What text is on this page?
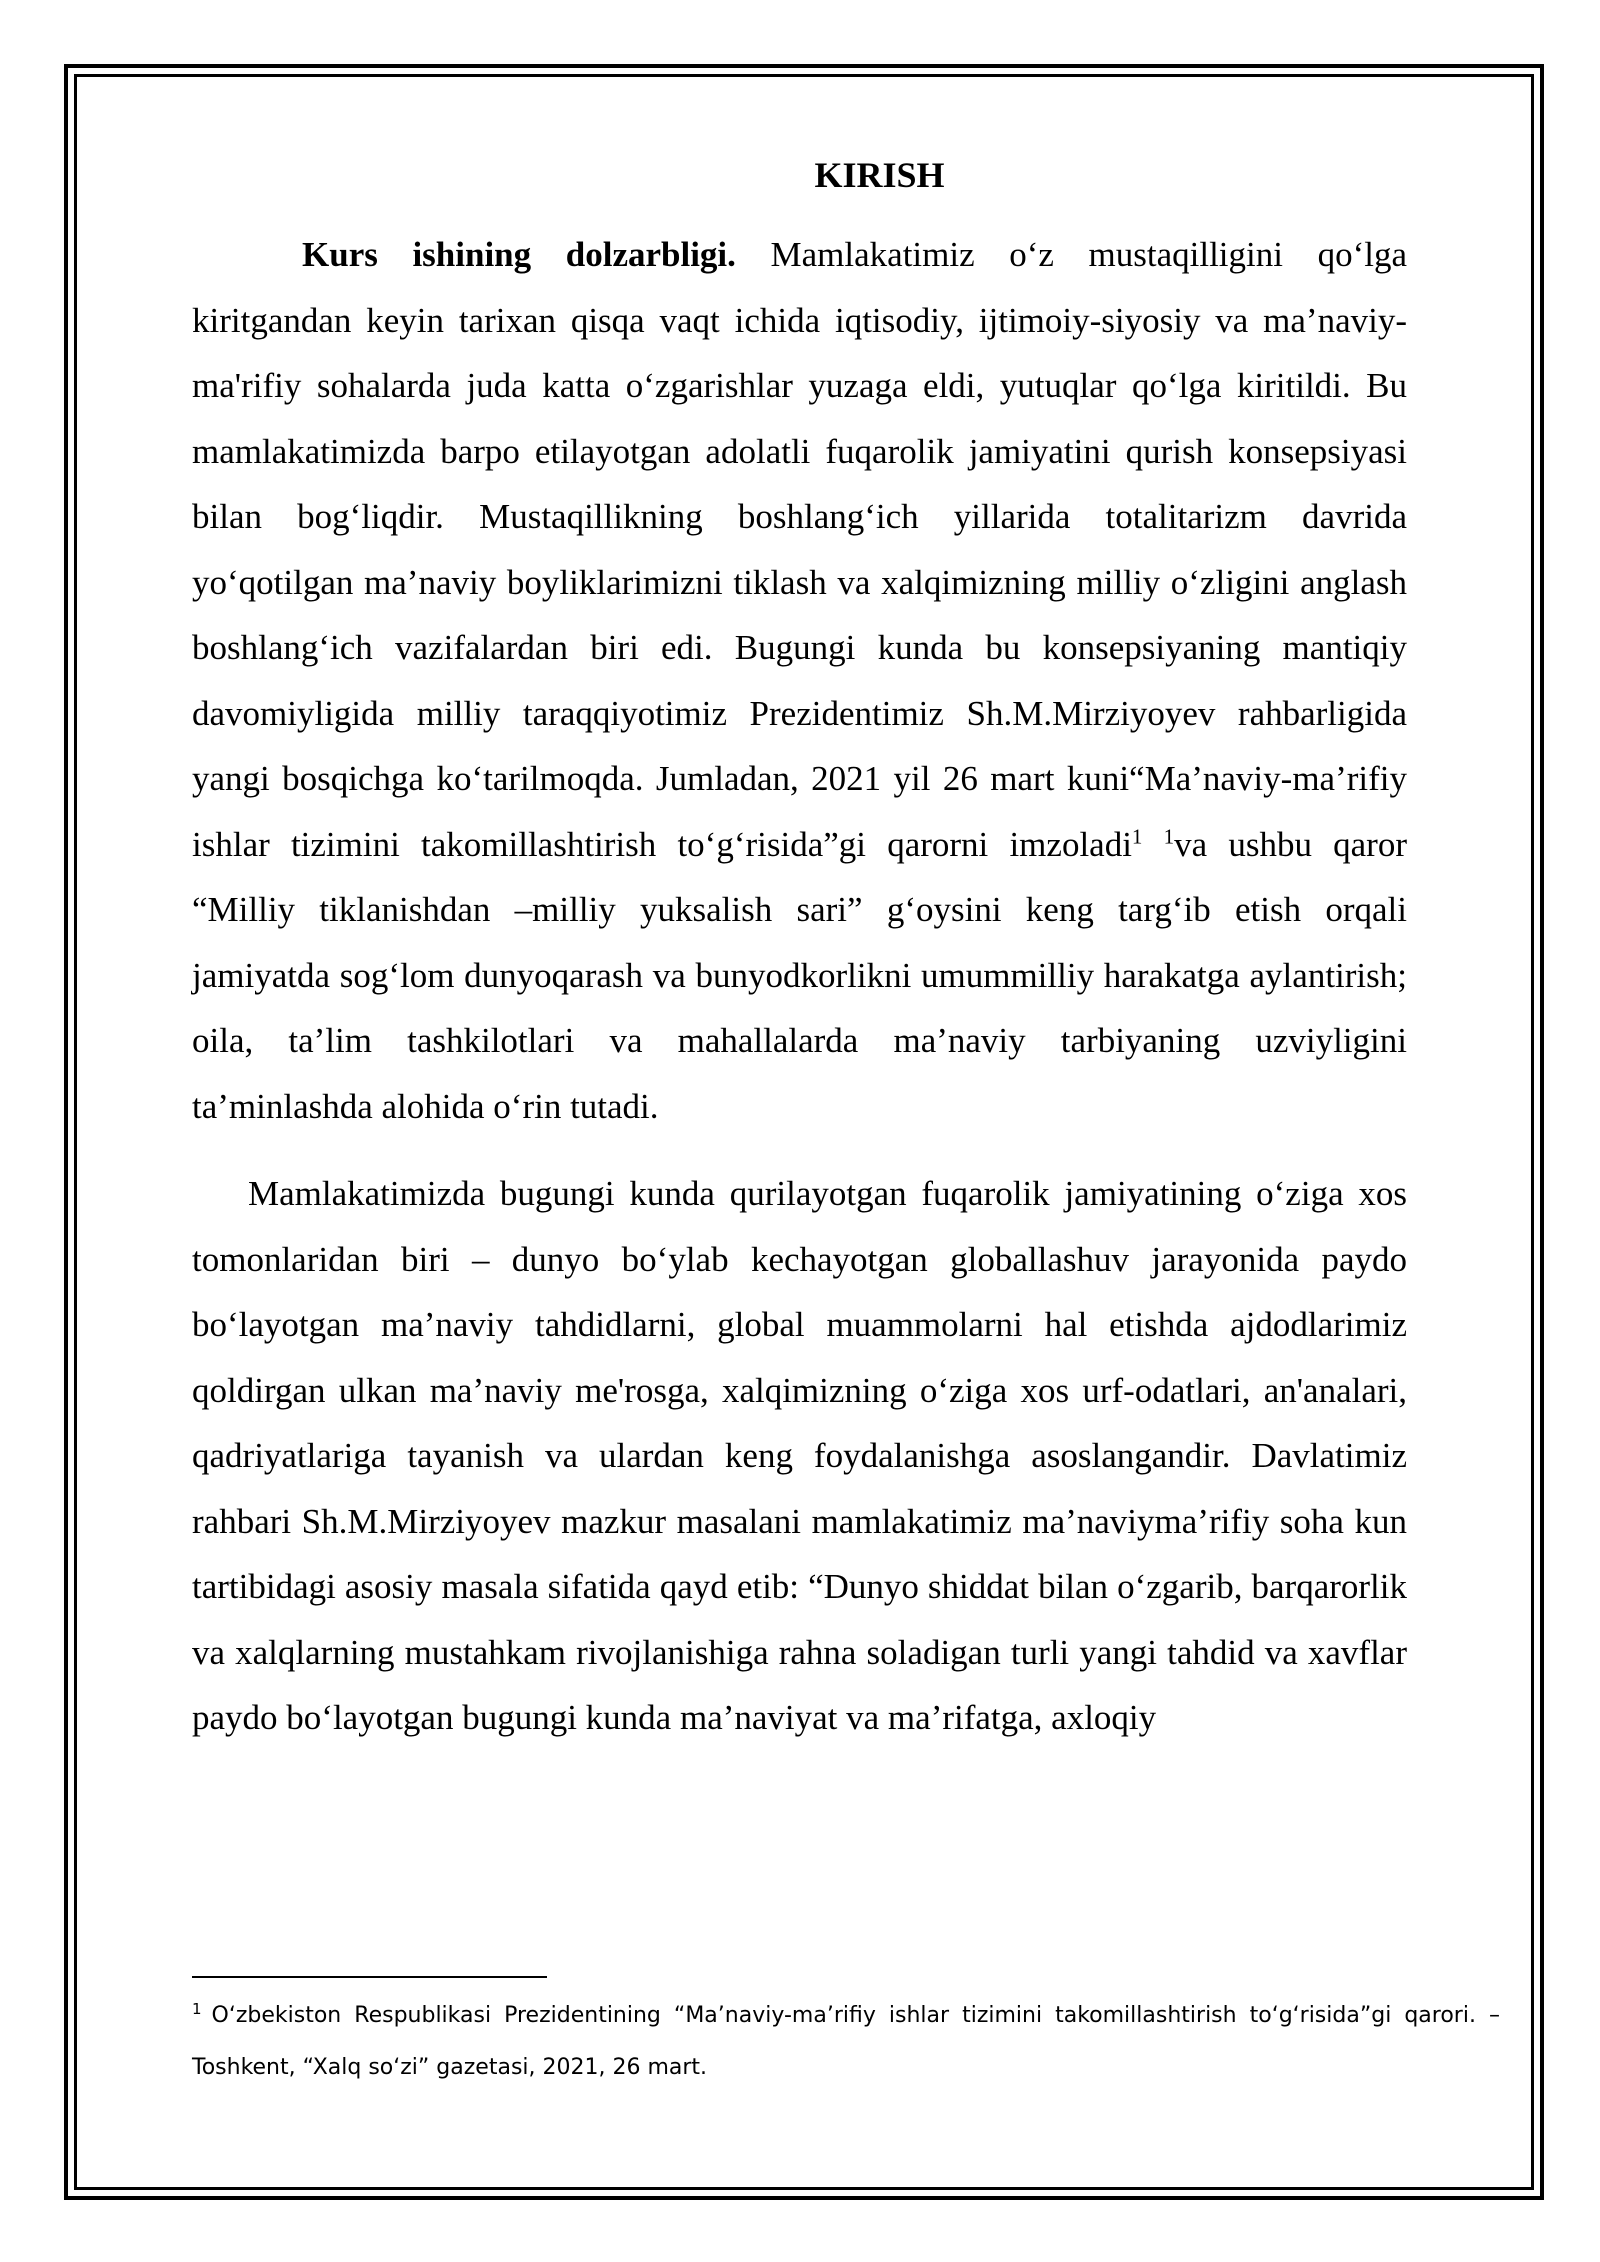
KIRISH

Kurs ishining dolzarbligi. Mamlakatimiz o‘z mustaqilligini qo‘lga kiritgandan keyin tarixan qisqa vaqt ichida iqtisodiy, ijtimoiy-siyosiy va ma’naviy-ma'rifiy sohalarda juda katta o‘zgarishlar yuzaga eldi, yutuqlar qo‘lga kiritildi. Bu mamlakatimizda barpo etilayotgan adolatli fuqarolik jamiyatini qurish konsepsiyasi bilan bog‘liqdir. Mustaqillikning boshlang‘ich yillarida totalitarizm davrida yo‘qotilgan ma’naviy boyliklarimizni tiklash va xalqimizning milliy o‘zligini anglash boshlang‘ich vazifalardan biri edi. Bugungi kunda bu konsepsiyaning mantiqiy davomiyligida milliy taraqqiyotimiz Prezidentimiz Sh.M.Mirziyoyev rahbarligida yangi bosqichga ko‘tarilmoqda. Jumladan, 2021 yil 26 mart kuni“Ma’naviy-ma’rifiy ishlar tizimini takomillashtirish to‘g‘risida”gi qarorni imzoladi$^1$ $^1$va ushbu qaror “Milliy tiklanishdan –milliy yuksalish sari” g‘oysini keng targ‘ib etish orqali jamiyatda sog‘lom dunyoqarash va bunyodkorlikni umummilliy harakatga aylantirish; oila, ta’lim tashkilotlari va mahallalarda ma’naviy tarbiyaning uzviyligini ta’minlashda alohida o‘rin tutadi.

Mamlakatimizda bugungi kunda qurilayotgan fuqarolik jamiyatining o‘ziga xos tomonlaridan biri – dunyo bo‘ylab kechayotgan globallashuv jarayonida paydo bo‘layotgan ma’naviy tahdidlarni, global muammolarni hal etishda ajdodlarimiz qoldirgan ulkan ma’naviy me'rosga, xalqimizning o‘ziga xos urf-odatlari, an'analari, qadriyatlariga tayanish va ulardan keng foydalanishga asoslangandir. Davlatimiz rahbari Sh.M.Mirziyoyev mazkur masalani mamlakatimiz ma’naviyma’rifiy soha kun tartibidagi asosiy masala sifatida qayd etib: “Dunyo shiddat bilan o‘zgarib, barqarorlik va xalqlarning mustahkam rivojlanishiga rahna soladigan turli yangi tahdid va xavflar paydo bo‘layotgan bugungi kunda ma’naviyat va ma’rifatga, axloqiy

$^1$ O‘zbekiston Respublikasi Prezidentining “Ma’naviy-ma’rifiy ishlar tizimini takomillashtirish to‘g‘risida”gi qarori. – Toshkent, “Xalq so‘zi” gazetasi, 2021, 26 mart.
